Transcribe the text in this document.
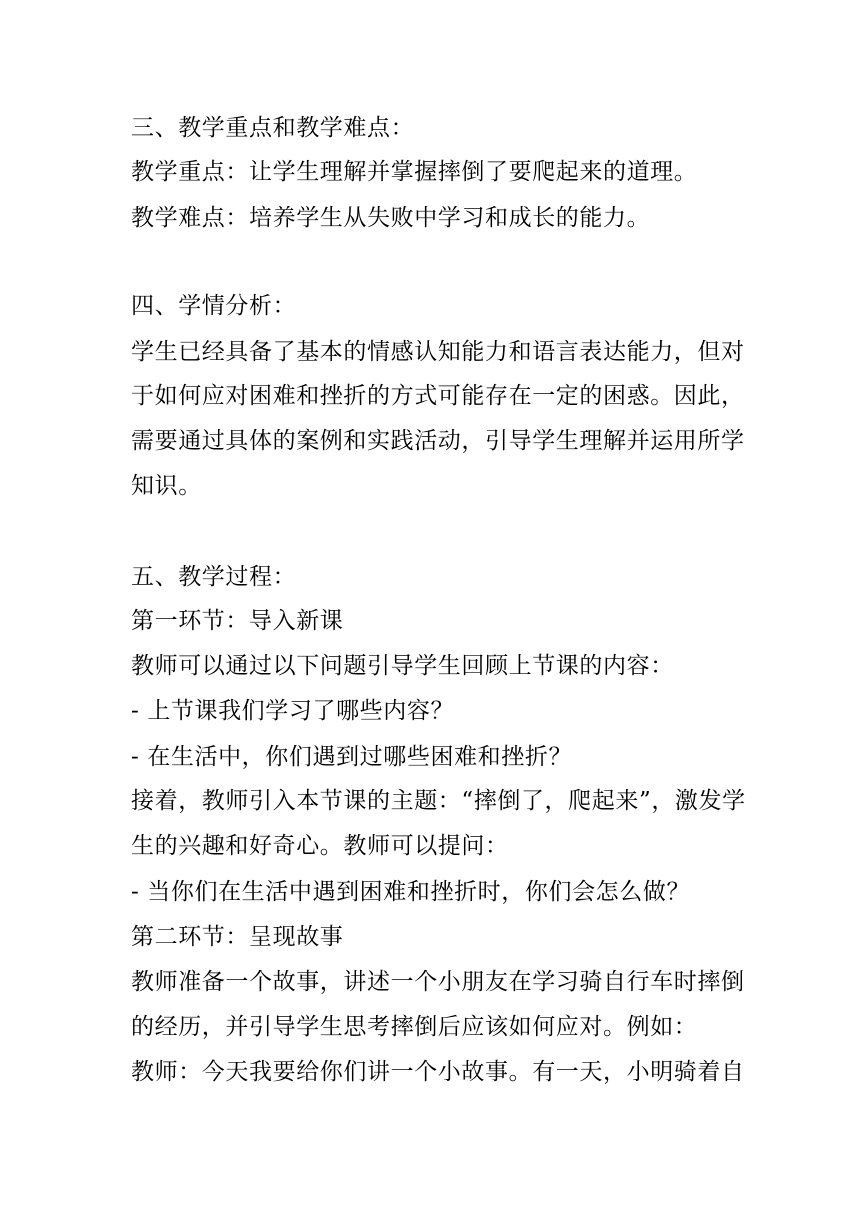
三、教学重点和教学难点：
教学重点：让学生理解并掌握摔倒了要爬起来的道理。
教学难点：培养学生从失败中学习和成长的能力。
四、学情分析：
学生已经具备了基本的情感认知能力和语言表达能力，但对
于如何应对困难和挫折的方式可能存在一定的困惑。因此，
需要通过具体的案例和实践活动，引导学生理解并运用所学
知识。
五、教学过程：
第一环节：导入新课
教师可以通过以下问题引导学生回顾上节课的内容：
- 上节课我们学习了哪些内容？
- 在生活中，你们遇到过哪些困难和挫折？
接着，教师引入本节课的主题：“摔倒了，爬起来”，激发学
生的兴趣和好奇心。教师可以提问：
- 当你们在生活中遇到困难和挫折时，你们会怎么做？
第二环节：呈现故事
教师准备一个故事，讲述一个小朋友在学习骑自行车时摔倒
的经历，并引导学生思考摔倒后应该如何应对。例如：
教师：今天我要给你们讲一个小故事。有一天，小明骑着自
